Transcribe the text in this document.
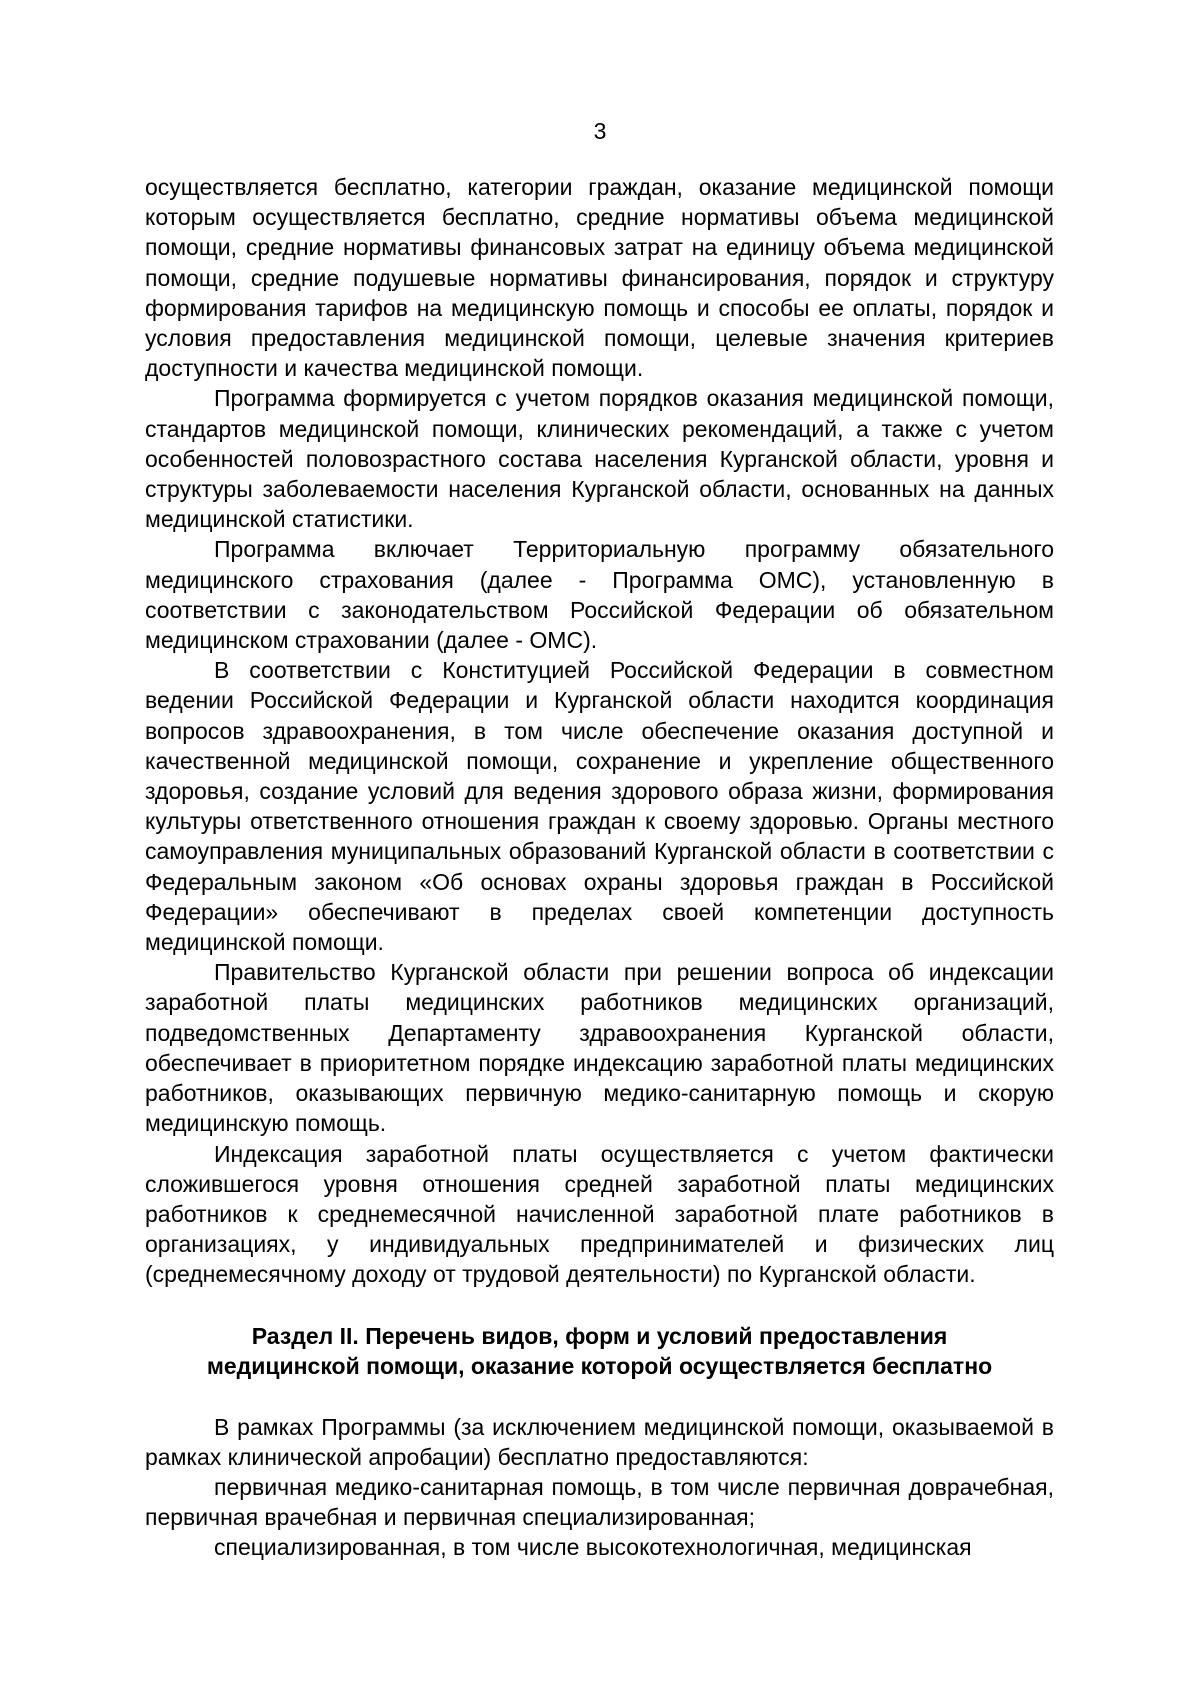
3

осуществляется бесплатно, категории граждан, оказание медицинской помощи которым осуществляется бесплатно, средние нормативы объема медицинской помощи, средние нормативы финансовых затрат на единицу объема медицинской помощи, средние подушевые нормативы финансирования, порядок и структуру формирования тарифов на медицинскую помощь и способы ее оплаты, порядок и условия предоставления медицинской помощи, целевые значения критериев доступности и качества медицинской помощи.

Программа формируется с учетом порядков оказания медицинской помощи, стандартов медицинской помощи, клинических рекомендаций, а также с учетом особенностей половозрастного состава населения Курганской области, уровня и структуры заболеваемости населения Курганской области, основанных на данных медицинской статистики.

Программа включает Территориальную программу обязательного медицинского страхования (далее - Программа ОМС), установленную в соответствии с законодательством Российской Федерации об обязательном медицинском страховании (далее - ОМС).

В соответствии с Конституцией Российской Федерации в совместном ведении Российской Федерации и Курганской области находится координация вопросов здравоохранения, в том числе обеспечение оказания доступной и качественной медицинской помощи, сохранение и укрепление общественного здоровья, создание условий для ведения здорового образа жизни, формирования культуры ответственного отношения граждан к своему здоровью. Органы местного самоуправления муниципальных образований Курганской области в соответствии с Федеральным законом «Об основах охраны здоровья граждан в Российской Федерации» обеспечивают в пределах своей компетенции доступность медицинской помощи.

Правительство Курганской области при решении вопроса об индексации заработной платы медицинских работников медицинских организаций, подведомственных Департаменту здравоохранения Курганской области, обеспечивает в приоритетном порядке индексацию заработной платы медицинских работников, оказывающих первичную медико-санитарную помощь и скорую медицинскую помощь.

Индексация заработной платы осуществляется с учетом фактически сложившегося уровня отношения средней заработной платы медицинских работников к среднемесячной начисленной заработной плате работников в организациях, у индивидуальных предпринимателей и физических лиц (среднемесячному доходу от трудовой деятельности) по Курганской области.

Раздел II. Перечень видов, форм и условий предоставления
медицинской помощи, оказание которой осуществляется бесплатно

В рамках Программы (за исключением медицинской помощи, оказываемой в рамках клинической апробации) бесплатно предоставляются:

первичная медико-санитарная помощь, в том числе первичная доврачебная, первичная врачебная и первичная специализированная;

специализированная, в том числе высокотехнологичная, медицинская
